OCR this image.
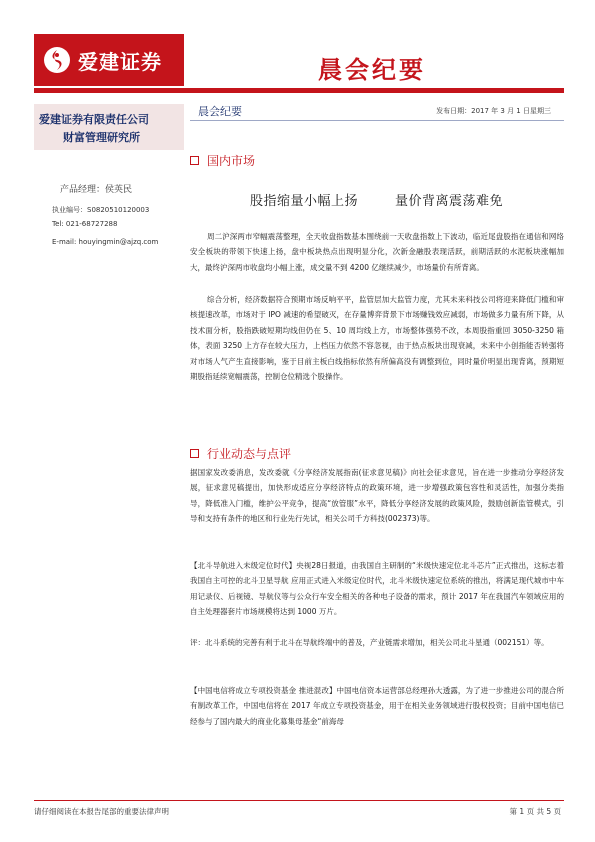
爱建证券	晨会纪要
爱建证券有限责任公司
财富管理研究所
产品经理：侯英民
执业编号：S0820510120003
Tel: 021-68727288
E-mail: houyingmin@ajzq.com
晨会纪要	发布日期：2017 年 3 月 1 日星期三
国内市场
股指缩量小幅上扬	量价背离震荡难免
周二沪深两市窄幅震荡整理，全天收盘指数基本围绕前一天收盘指数上下波动，临近尾盘股指在通信和网络安全板块的带领下快速上扬，盘中板块热点出现明显分化，次新金融股表现活跃，前期活跃的水泥板块涨幅加大，最终沪深两市收盘均小幅上涨，成交量不到 4200 亿继续减少，市场量价有所背离。
综合分析，经济数据符合预期市场反响平平，监管层加大监管力度，尤其未来科技公司将迎来降低门槛和审核提速改革，市场对于 IPO 减速的希望破灭，在存量博弈背景下市场赚钱效应减弱，市场做多力量有所下降，从技术面分析，股指跌破短期均线但仍在 5、10 周均线上方，市场整体强势不改，本周股指重回 3050-3250 箱体，表面 3250 上方存在较大压力，上档压力依然不容忽视，由于热点板块出现衰减，未来中小创指能否转强将对市场人气产生直接影响，鉴于目前主板白线指标依然有所偏高没有调整到位，同时量价明显出现背离，预期短期股指延续宽幅震荡，控制仓位精选个股操作。
行业动态与点评
据国家发改委消息，发改委就《分享经济发展指南(征求意见稿)》向社会征求意见，旨在进一步推动分享经济发展，征求意见稿提出，加快形成适应分享经济特点的政策环境，进一步增强政策包容性和灵活性，加强分类指导，降低准入门槛，维护公平竞争，提高“放管服”水平，降低分享经济发展的政策风险，鼓励创新监管模式，引导和支持有条件的地区和行业先行先试，相关公司千方科技(002373)等。
【北斗导航进入未级定位时代】央视28日报道，由我国自主研制的“米级快速定位北斗芯片”正式推出，这标志着我国自主可控的北斗卫星导航 应用正式进入米级定位时代，北斗米级快速定位系统的推出，将满足现代城市中车用记录仪、后视镜、导航仪等与公众行车安全相关的各种电子设备的需求，预计 2017 年在我国汽车领域应用的自主处理器套片市场规模将达到 1000 万片。
评：北斗系统的完善有利于北斗在导航终端中的普及，产业链需求增加，相关公司北斗星通（002151）等。
【中国电信将成立专项投资基金 推进混改】中国电信资本运营部总经理孙大透露，为了进一步推进公司的混合所有制改革工作，中国电信将在 2017 年成立专项投资基金，用于在相关业务领域进行股权投资；目前中国电信已经参与了国内最大的商业化募集母基金“前海母
请仔细阅读在本报告尾部的重要法律声明	第 1 页 共 5 页
